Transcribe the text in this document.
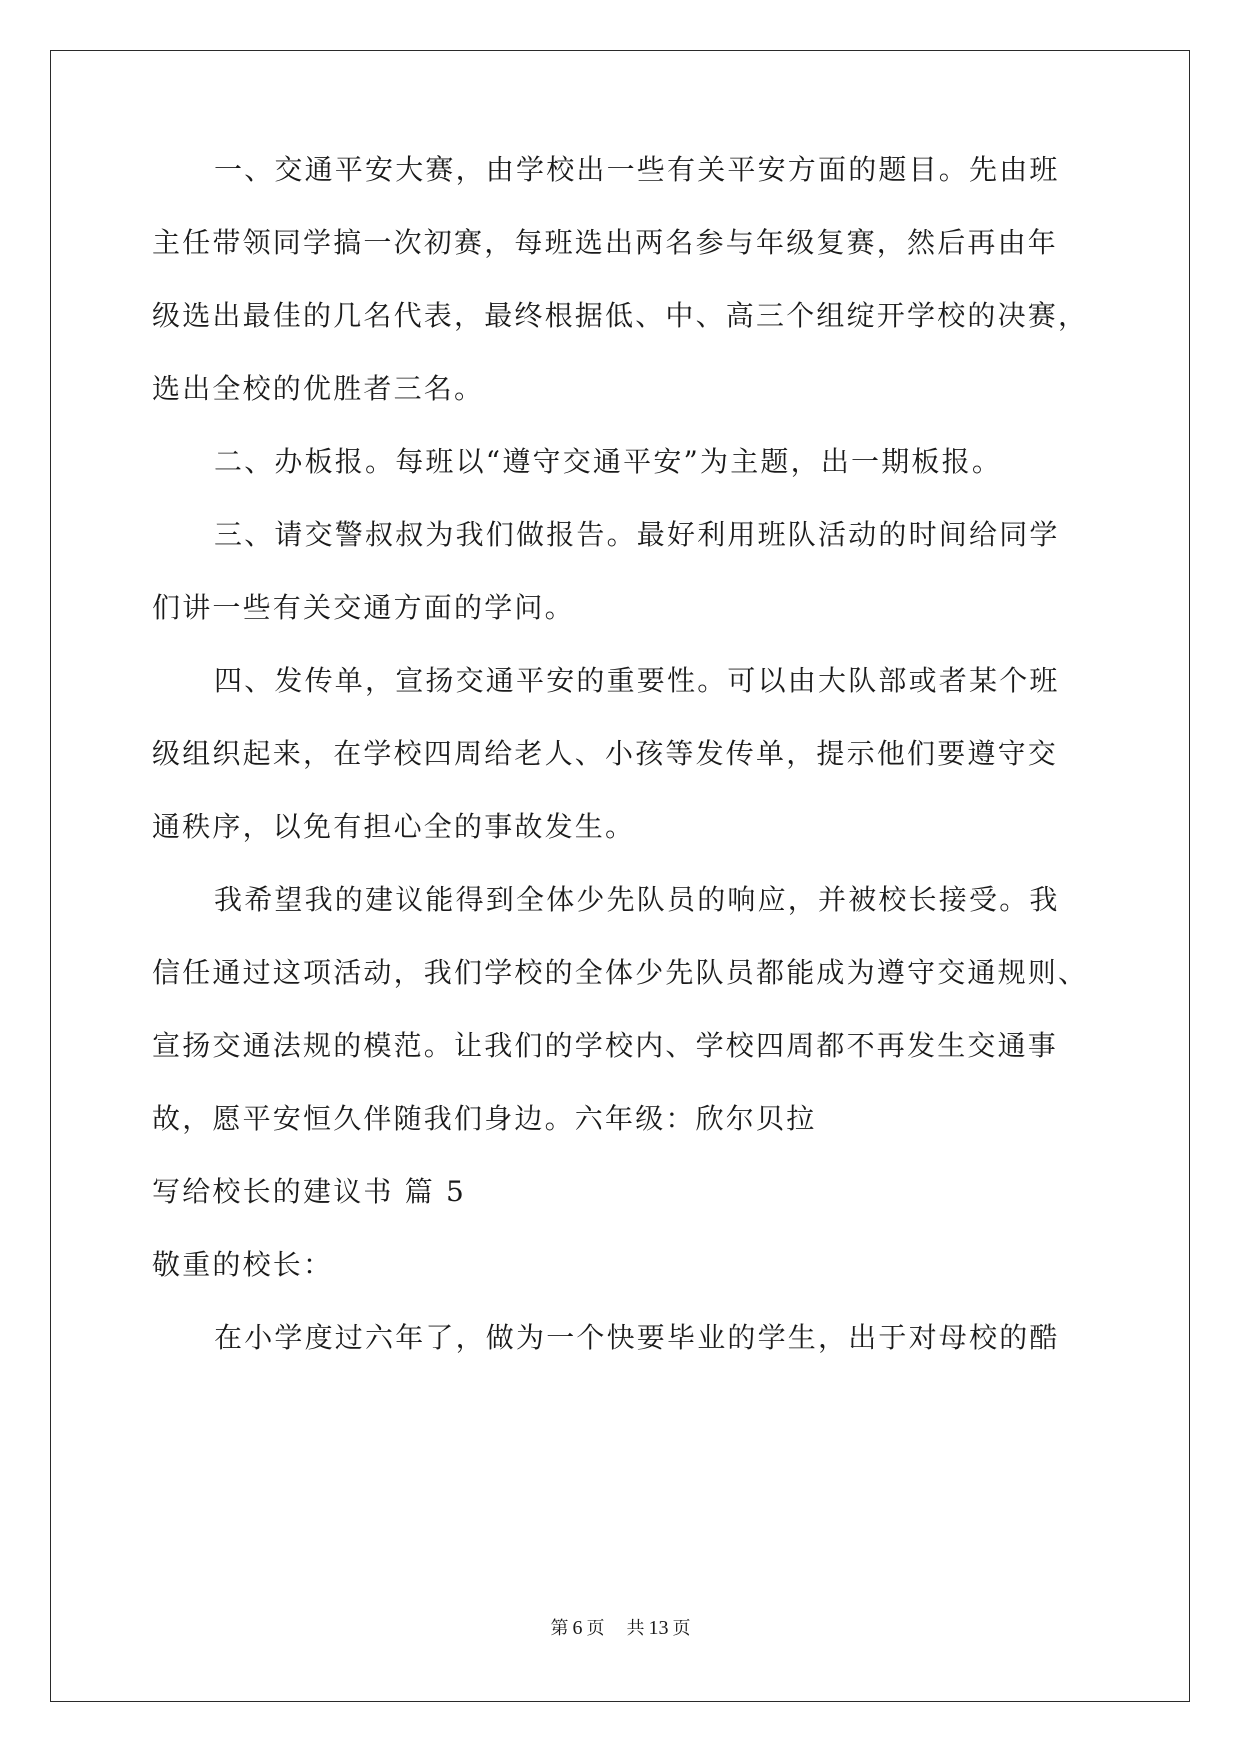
一、交通平安大赛，由学校出一些有关平安方面的题目。先由班
主任带领同学搞一次初赛，每班选出两名参与年级复赛，然后再由年
级选出最佳的几名代表，最终根据低、中、高三个组绽开学校的决赛，
选出全校的优胜者三名。
二、办板报。每班以“遵守交通平安”为主题，出一期板报。
三、请交警叔叔为我们做报告。最好利用班队活动的时间给同学
们讲一些有关交通方面的学问。
四、发传单，宣扬交通平安的重要性。可以由大队部或者某个班
级组织起来，在学校四周给老人、小孩等发传单，提示他们要遵守交
通秩序，以免有担心全的事故发生。
我希望我的建议能得到全体少先队员的响应，并被校长接受。我
信任通过这项活动，我们学校的全体少先队员都能成为遵守交通规则、
宣扬交通法规的模范。让我们的学校内、学校四周都不再发生交通事
故，愿平安恒久伴随我们身边。六年级：欣尔贝拉
写给校长的建议书 篇 5
敬重的校长：
在小学度过六年了，做为一个快要毕业的学生，出于对母校的酷
第 6 页 共 13 页
